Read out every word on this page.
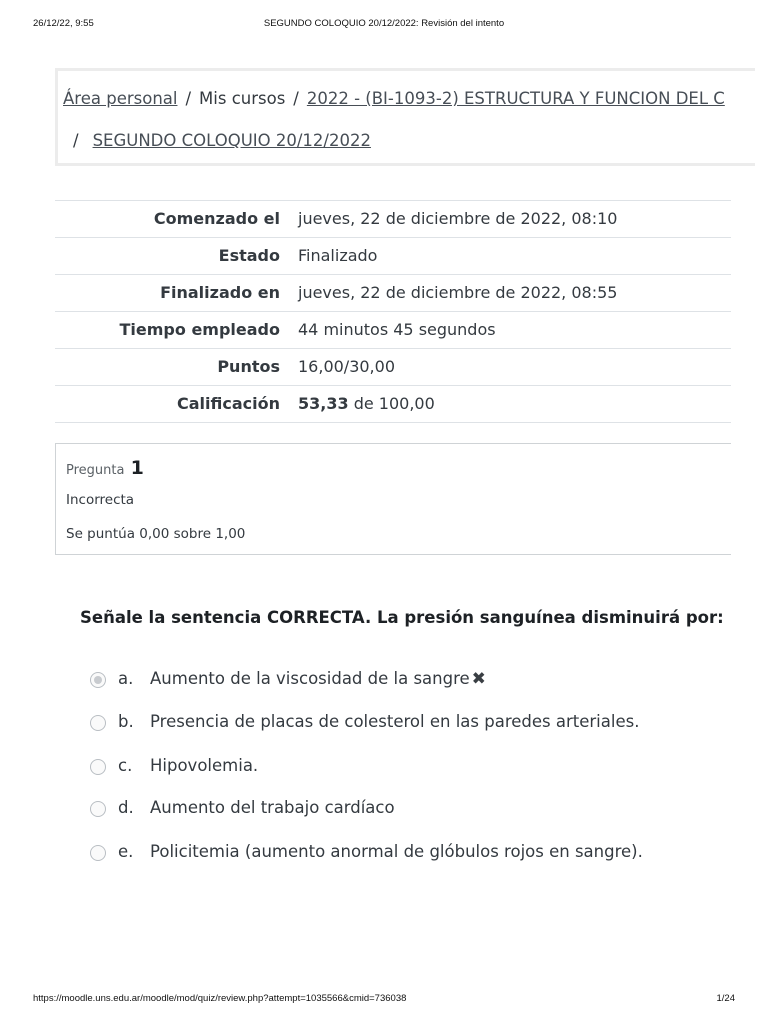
26/12/22, 9:55	SEGUNDO COLOQUIO 20/12/2022: Revisión del intento
Área personal / Mis cursos / 2022 - (BI-1093-2) ESTRUCTURA Y FUNCION DEL C
/ SEGUNDO COLOQUIO 20/12/2022
Comenzado el	jueves, 22 de diciembre de 2022, 08:10
Estado	Finalizado
Finalizado en	jueves, 22 de diciembre de 2022, 08:55
Tiempo empleado	44 minutos 45 segundos
Puntos	16,00/30,00
Calificación	53,33 de 100,00
Pregunta 1
Incorrecta
Se puntúa 0,00 sobre 1,00
Señale la sentencia CORRECTA. La presión sanguínea disminuirá por:
a. Aumento de la viscosidad de la sangre ✖
b. Presencia de placas de colesterol en las paredes arteriales.
c. Hipovolemia.
d. Aumento del trabajo cardíaco
e. Policitemia (aumento anormal de glóbulos rojos en sangre).
https://moodle.uns.edu.ar/moodle/mod/quiz/review.php?attempt=1035566&cmid=736038	1/24
